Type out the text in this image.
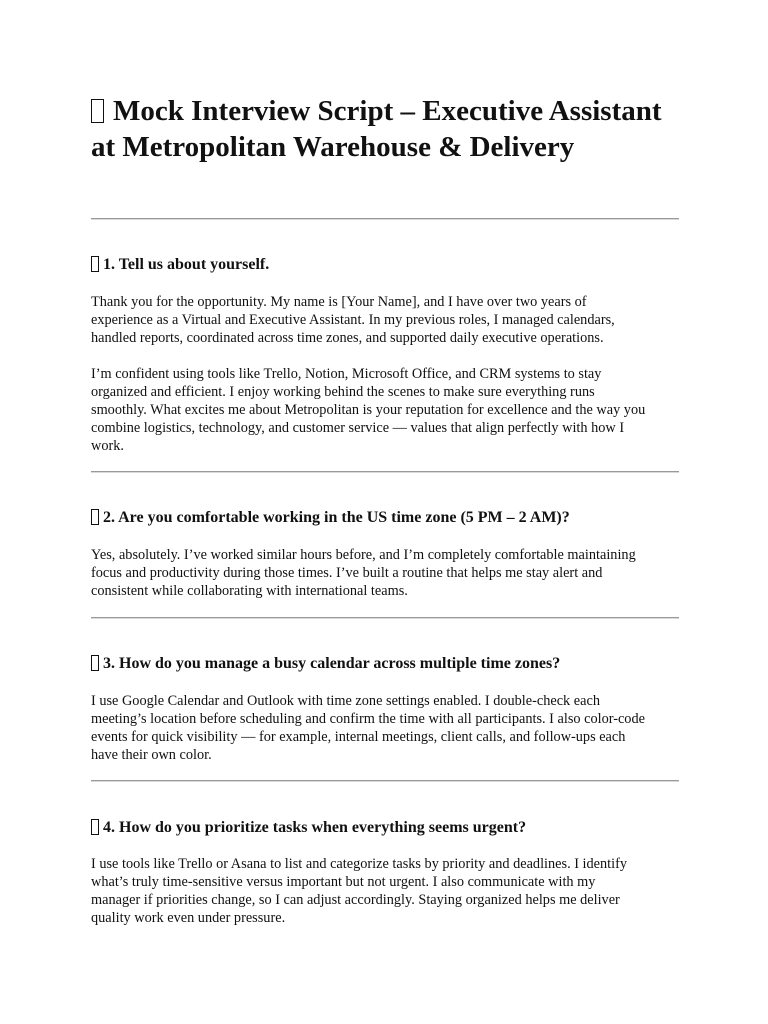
Mock Interview Script – Executive Assistant at Metropolitan Warehouse & Delivery
1. Tell us about yourself.

Thank you for the opportunity. My name is [Your Name], and I have over two years of
experience as a Virtual and Executive Assistant. In my previous roles, I managed calendars,
handled reports, coordinated across time zones, and supported daily executive operations.

I’m confident using tools like Trello, Notion, Microsoft Office, and CRM systems to stay
organized and efficient. I enjoy working behind the scenes to make sure everything runs
smoothly. What excites me about Metropolitan is your reputation for excellence and the way you
combine logistics, technology, and customer service — values that align perfectly with how I
work.

2. Are you comfortable working in the US time zone (5 PM – 2 AM)?

Yes, absolutely. I’ve worked similar hours before, and I’m completely comfortable maintaining
focus and productivity during those times. I’ve built a routine that helps me stay alert and
consistent while collaborating with international teams.

3. How do you manage a busy calendar across multiple time zones?

I use Google Calendar and Outlook with time zone settings enabled. I double-check each
meeting’s location before scheduling and confirm the time with all participants. I also color-code
events for quick visibility — for example, internal meetings, client calls, and follow-ups each
have their own color.

4. How do you prioritize tasks when everything seems urgent?

I use tools like Trello or Asana to list and categorize tasks by priority and deadlines. I identify
what’s truly time-sensitive versus important but not urgent. I also communicate with my
manager if priorities change, so I can adjust accordingly. Staying organized helps me deliver
quality work even under pressure.
